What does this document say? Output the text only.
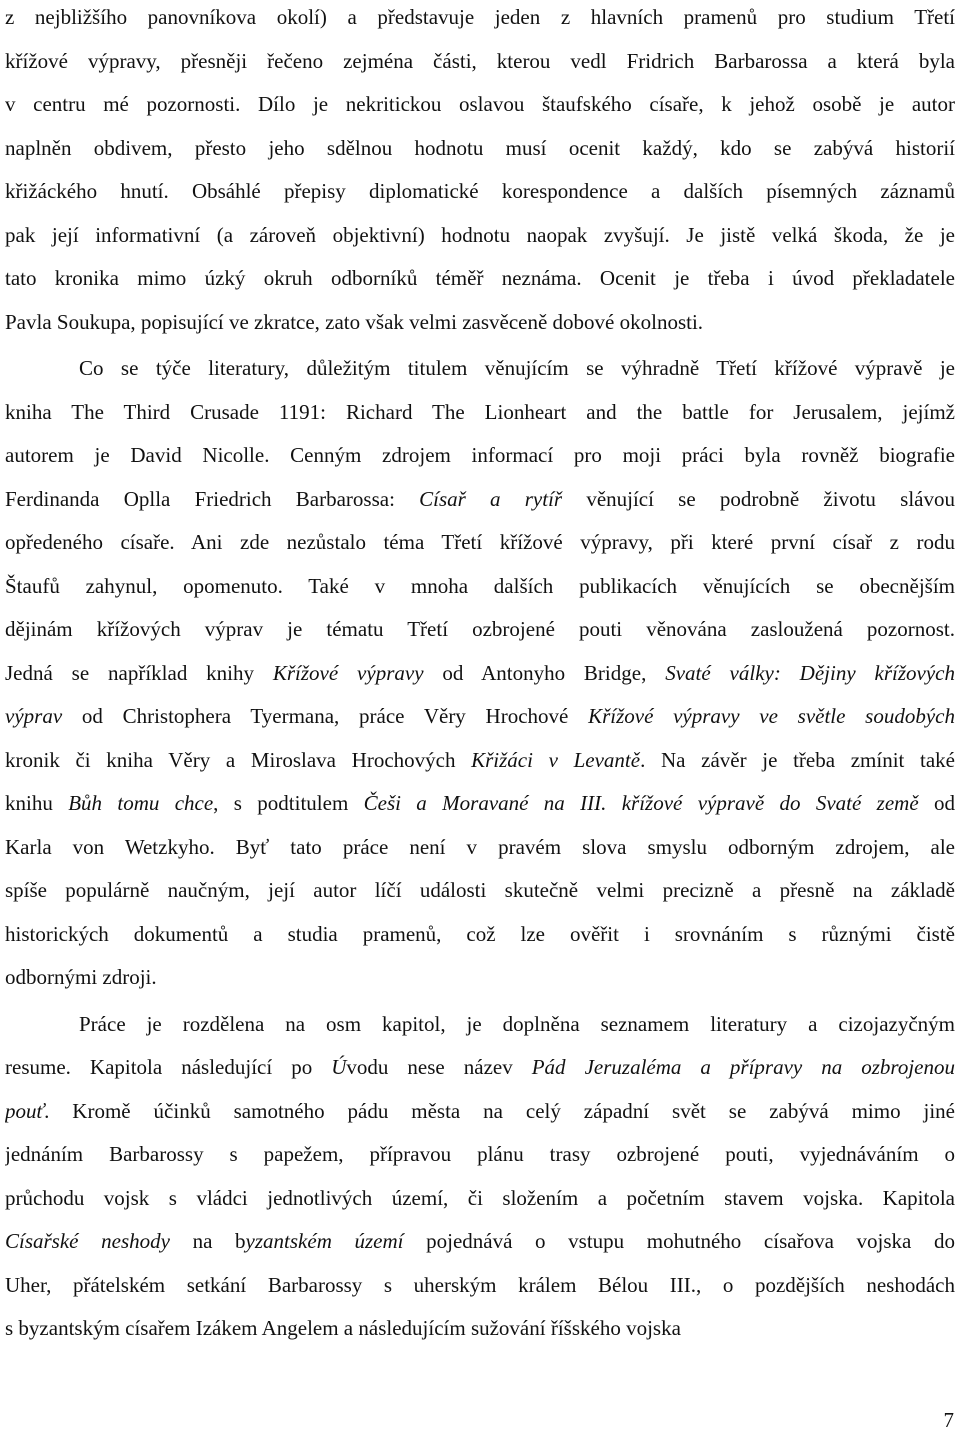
z nejbližšího panovníkova okolí) a představuje jeden z hlavních pramenů pro studium Třetí
křížové výpravy, přesněji řečeno zejména části, kterou vedl Fridrich Barbarossa a která byla
v centru mé pozornosti. Dílo je nekritickou oslavou štaufského císaře, k jehož osobě je autor
naplněn obdivem, přesto jeho sdělnou hodnotu musí ocenit každý, kdo se zabývá historií
křižáckého hnutí. Obsáhlé přepisy diplomatické korespondence a dalších písemných záznamů
pak její informativní (a zároveň objektivní) hodnotu naopak zvyšují. Je jistě velká škoda, že je
tato kronika mimo úzký okruh odborníků téměř neznáma. Ocenit je třeba i úvod překladatele
Pavla Soukupa, popisující ve zkratce, zato však velmi zasvěceně dobové okolnosti.
Co se týče literatury, důležitým titulem věnujícím se výhradně Třetí křížové výpravě je
kniha The Third Crusade 1191: Richard The Lionheart and the battle for Jerusalem, jejímž
autorem je David Nicolle. Cenným zdrojem informací pro moji práci byla rovněž biografie
Ferdinanda Oplla Friedrich Barbarossa: Císař a rytíř věnující se podrobně životu slávou
opředeného císaře. Ani zde nezůstalo téma Třetí křížové výpravy, při které první císař z rodu
Štaufů zahynul, opomenuto. Také v mnoha dalších publikacích věnujících se obecnějším
dějinám křížových výprav je tématu Třetí ozbrojené pouti věnována zasloužená pozornost.
Jedná se například knihy Křížové výpravy od Antonyho Bridge, Svaté války: Dějiny křížových
výprav od Christophera Tyermana, práce Věry Hrochové Křížové výpravy ve světle soudobých
kronik či kniha Věry a Miroslava Hrochových Křižáci v Levantě. Na závěr je třeba zmínit také
knihu Bůh tomu chce, s podtitulem Češi a Moravané na III. křížové výpravě do Svaté země od
Karla von Wetzkyho. Byť tato práce není v pravém slova smyslu odborným zdrojem, ale
spíše populárně naučným, její autor líčí události skutečně velmi precizně a přesně na základě
historických dokumentů a studia pramenů, což lze ověřit i srovnáním s různými čistě
odbornými zdroji.
Práce je rozdělena na osm kapitol, je doplněna seznamem literatury a cizojazyčným
resume. Kapitola následující po Úvodu nese název Pád Jeruzaléma a přípravy na ozbrojenou
pouť. Kromě účinků samotného pádu města na celý západní svět se zabývá mimo jiné
jednáním Barbarossy s papežem, přípravou plánu trasy ozbrojené pouti, vyjednáváním o
průchodu vojsk s vládci jednotlivých území, či složením a početním stavem vojska. Kapitola
Císařské neshody na byzantském území pojednává o vstupu mohutného císařova vojska do
Uher, přátelském setkání Barbarossy s uherským králem Bélou III., o pozdějších neshodách
s byzantským císařem Izákem Angelem a následujícím sužování říšského vojska
7
